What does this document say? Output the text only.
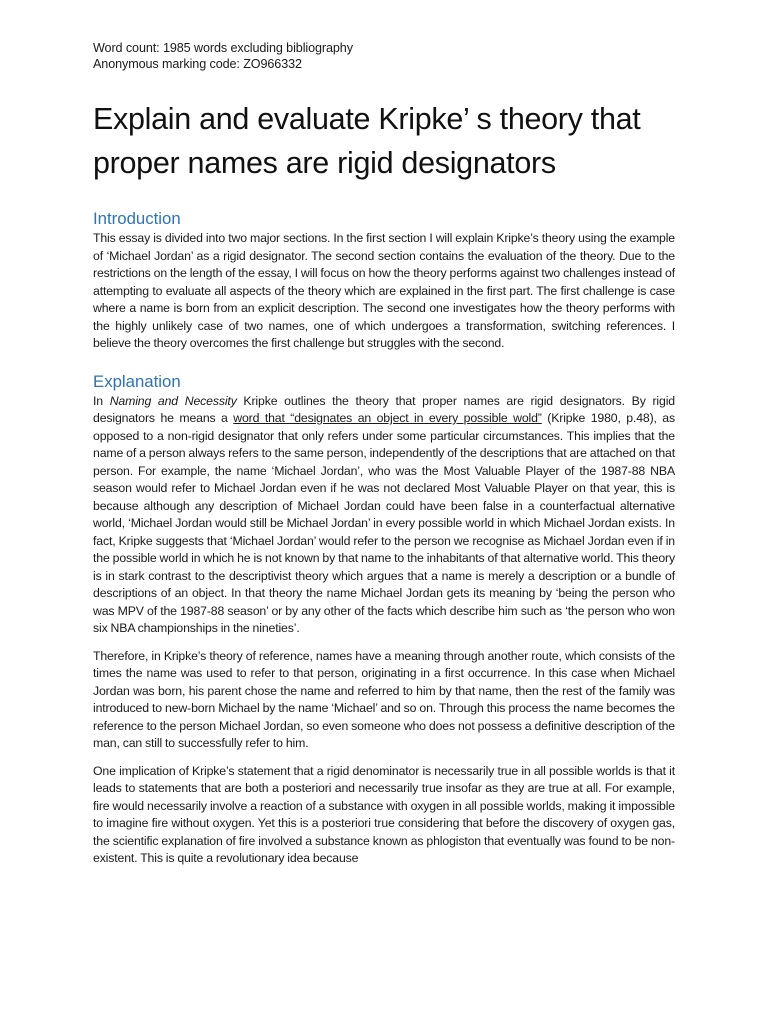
Word count: 1985 words excluding bibliography

Anonymous marking code: ZO966332

Explain and evaluate Kripke’ s theory that proper names are rigid designators
Introduction

This essay is divided into two major sections. In the first section I will explain Kripke’s theory using the example of ‘Michael Jordan’ as a rigid designator. The second section contains the evaluation of the theory. Due to the restrictions on the length of the essay, I will focus on how the theory performs against two challenges instead of attempting to evaluate all aspects of the theory which are explained in the first part. The first challenge is case where a name is born from an explicit description. The second one investigates how the theory performs with the highly unlikely case of two names, one of which undergoes a transformation, switching references. I believe the theory overcomes the first challenge but struggles with the second.

Explanation

In Naming and Necessity Kripke outlines the theory that proper names are rigid designators. By rigid designators he means a word that “designates an object in every possible wold” (Kripke 1980, p.48), as opposed to a non-rigid designator that only refers under some particular circumstances. This implies that the name of a person always refers to the same person, independently of the descriptions that are attached on that person. For example, the name ‘Michael Jordan’, who was the Most Valuable Player of the 1987-88 NBA season would refer to Michael Jordan even if he was not declared Most Valuable Player on that year, this is because although any description of Michael Jordan could have been false in a counterfactual alternative world, ‘Michael Jordan would still be Michael Jordan’ in every possible world in which Michael Jordan exists. In fact, Kripke suggests that ‘Michael Jordan’ would refer to the person we recognise as Michael Jordan even if in the possible world in which he is not known by that name to the inhabitants of that alternative world. This theory is in stark contrast to the descriptivist theory which argues that a name is merely a description or a bundle of descriptions of an object. In that theory the name Michael Jordan gets its meaning by ‘being the person who was MPV of the 1987-88 season’ or by any other of the facts which describe him such as ‘the person who won six NBA championships in the nineties’.

Therefore, in Kripke’s theory of reference, names have a meaning through another route, which consists of the times the name was used to refer to that person, originating in a first occurrence. In this case when Michael Jordan was born, his parent chose the name and referred to him by that name, then the rest of the family was introduced to new-born Michael by the name ‘Michael’ and so on. Through this process the name becomes the reference to the person Michael Jordan, so even someone who does not possess a definitive description of the man, can still to successfully refer to him.

One implication of Kripke’s statement that a rigid denominator is necessarily true in all possible worlds is that it leads to statements that are both a posteriori and necessarily true insofar as they are true at all. For example, fire would necessarily involve a reaction of a substance with oxygen in all possible worlds, making it impossible to imagine fire without oxygen. Yet this is a posteriori true considering that before the discovery of oxygen gas, the scientific explanation of fire involved a substance known as phlogiston that eventually was found to be non-existent. This is quite a revolutionary idea because
